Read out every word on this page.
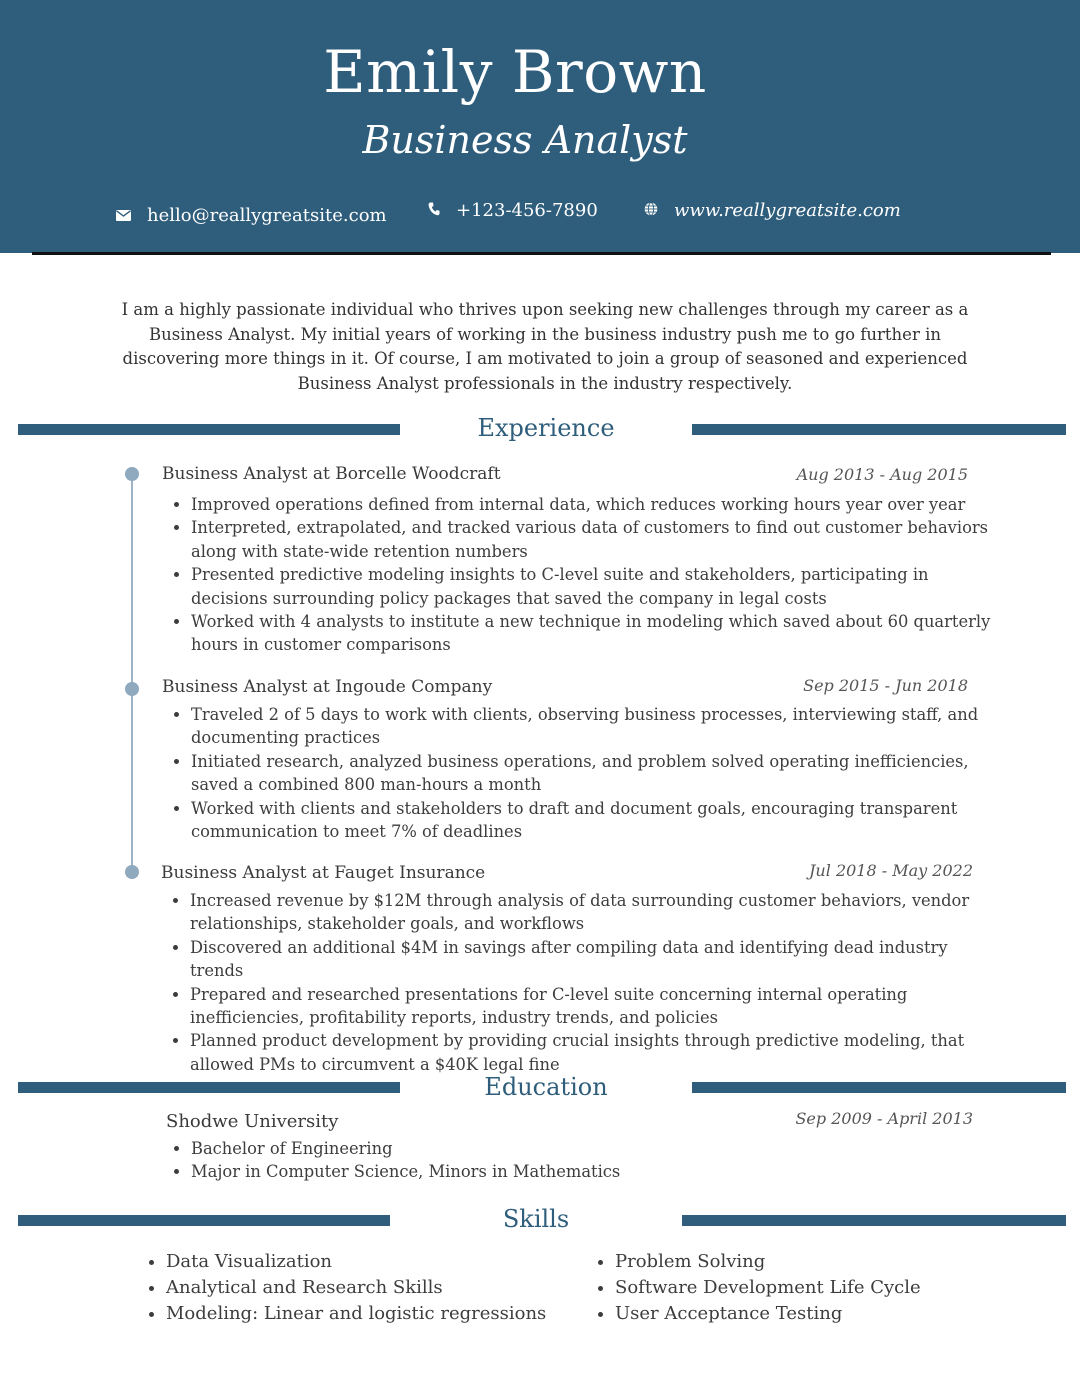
Emily Brown
Business Analyst
hello@reallygreatsite.com	+123-456-7890	www.reallygreatsite.com
I am a highly passionate individual who thrives upon seeking new challenges through my career as a Business Analyst. My initial years of working in the business industry push me to go further in discovering more things in it. Of course, I am motivated to join a group of seasoned and experienced Business Analyst professionals in the industry respectively.
Experience
Business Analyst at Borcelle Woodcraft	Aug 2013 - Aug 2015
• Improved operations defined from internal data, which reduces working hours year over year
• Interpreted, extrapolated, and tracked various data of customers to find out customer behaviors along with state-wide retention numbers
• Presented predictive modeling insights to C-level suite and stakeholders, participating in decisions surrounding policy packages that saved the company in legal costs
• Worked with 4 analysts to institute a new technique in modeling which saved about 60 quarterly hours in customer comparisons
Business Analyst at Ingoude Company	Sep 2015 - Jun 2018
• Traveled 2 of 5 days to work with clients, observing business processes, interviewing staff, and documenting practices
• Initiated research, analyzed business operations, and problem solved operating inefficiencies, saved a combined 800 man-hours a month
• Worked with clients and stakeholders to draft and document goals, encouraging transparent communication to meet 7% of deadlines
Business Analyst at Fauget Insurance	Jul 2018 - May 2022
• Increased revenue by $12M through analysis of data surrounding customer behaviors, vendor relationships, stakeholder goals, and workflows
• Discovered an additional $4M in savings after compiling data and identifying dead industry trends
• Prepared and researched presentations for C-level suite concerning internal operating inefficiencies, profitability reports, industry trends, and policies
• Planned product development by providing crucial insights through predictive modeling, that allowed PMs to circumvent a $40K legal fine
Education
Shodwe University	Sep 2009 - April 2013
• Bachelor of Engineering
• Major in Computer Science, Minors in Mathematics
Skills
• Data Visualization
• Analytical and Research Skills
• Modeling: Linear and logistic regressions
• Problem Solving
• Software Development Life Cycle
• User Acceptance Testing
